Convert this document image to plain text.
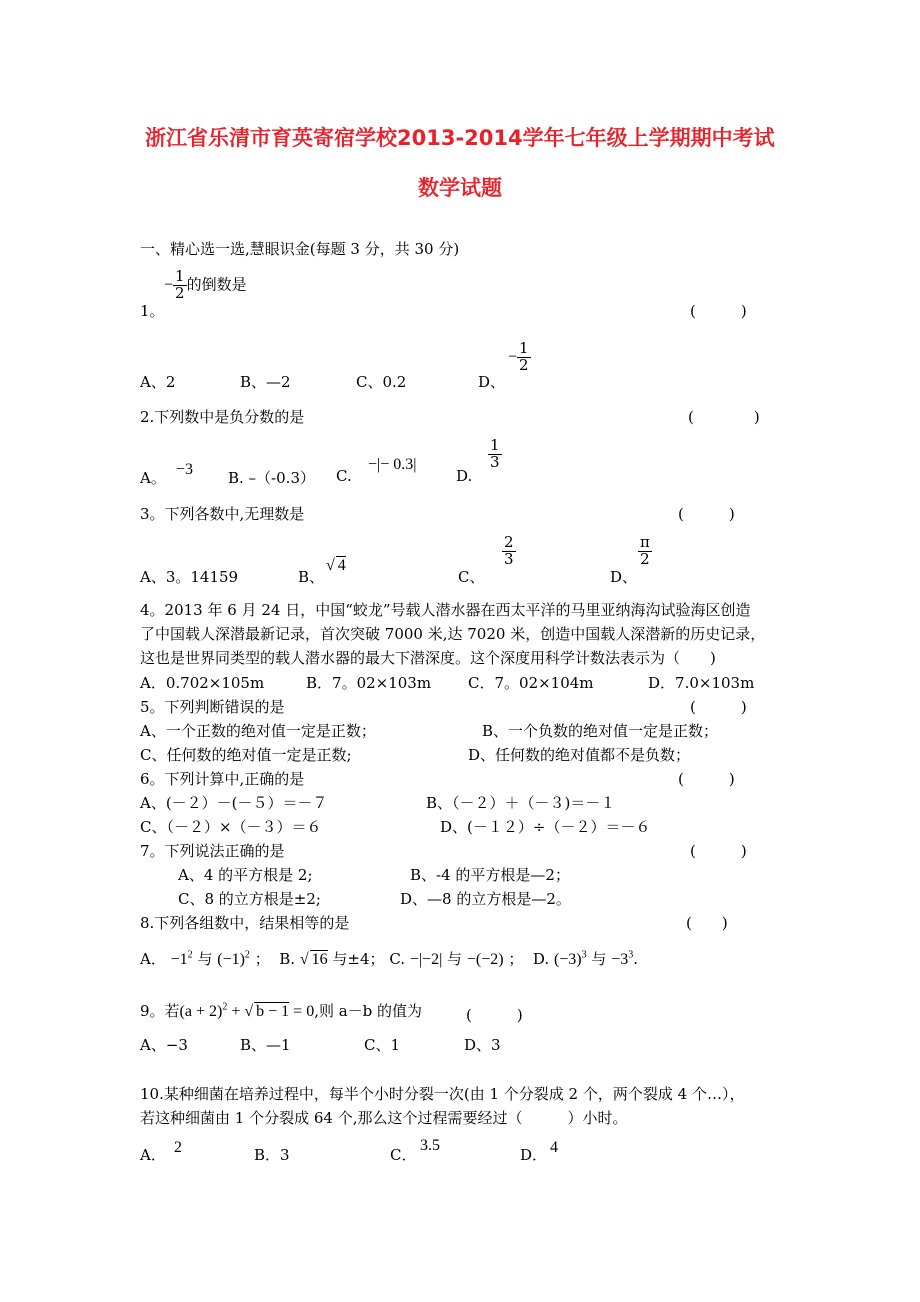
浙江省乐清市育英寄宿学校2013-2014学年七年级上学期期中考试
数学试题
一、精心选一选,慧眼识金(每题 3 分，共 30 分)
− $\frac{1}{2}$ 的倒数是
1。	(　　　)
A、2	B、—2	C、0.2	D、
− $\frac{1}{2}$
2.下列数中是负分数的是	(　　　　)
A。 −3 B. –（-0.3） C.
−|− 0.3|
D.
$\frac{1}{3}$
3。下列各数中,无理数是	(　　　)
A、3。14159	B、
√ 4
C、
$\frac{2}{3}$
D、
$\frac{\pi}{2}$
4。2013 年 6 月 24 日，中国“蛟龙”号载人潜水器在西太平洋的马里亚纳海沟试验海区创造
了中国载人深潜最新记录，首次突破 7000 米,达 7020 米，创造中国载人深潜新的历史记录，
这也是世界同类型的载人潜水器的最大下潜深度。这个深度用科学计数法表示为（　　)
A．0.702×105m	B．7。02×103m C．7。02×104m	D．7.0×103m
5。下列判断错误的是	(　　　)
A、一个正数的绝对值一定是正数；	B、一个负数的绝对值一定是正数；
C、任何数的绝对值一定是正数;	D、任何数的绝对值都不是负数；
6。下列计算中,正确的是	(　　　)
A、(－２）－(－５）＝－７	B、（－２）＋（－３)＝－１
C、（－２）×（－３）＝６	D、(－１２）÷（－２）＝－６
7。下列说法正确的是	(　　　)
A、4 的平方根是 2;	B、-4 的平方根是—2；
C、8 的立方根是±2;	D、—8 的立方根是—2。
8.下列各组数中，结果相等的是	(　　)
A． $-1^2$ 与 $(-1)^2$ ； B. √ 16 与±4； C. −|−2| 与 −(−2) ； D. $(-3)^3$ 与 $-3^3$.
9。若$(a + 2)^2$ + √ b − 1 = 0,则 a－b 的值为	(　　　)
A、−3	B、—1	C、1	D、3
10.某种细菌在培养过程中，每半个小时分裂一次(由 1 个分裂成 2 个，两个裂成 4 个…），
若这种细菌由 1 个分裂成 64 个,那么这个过程需要经过（　　　）小时。
A． 2	B．3	C．
3.5
D． 4
